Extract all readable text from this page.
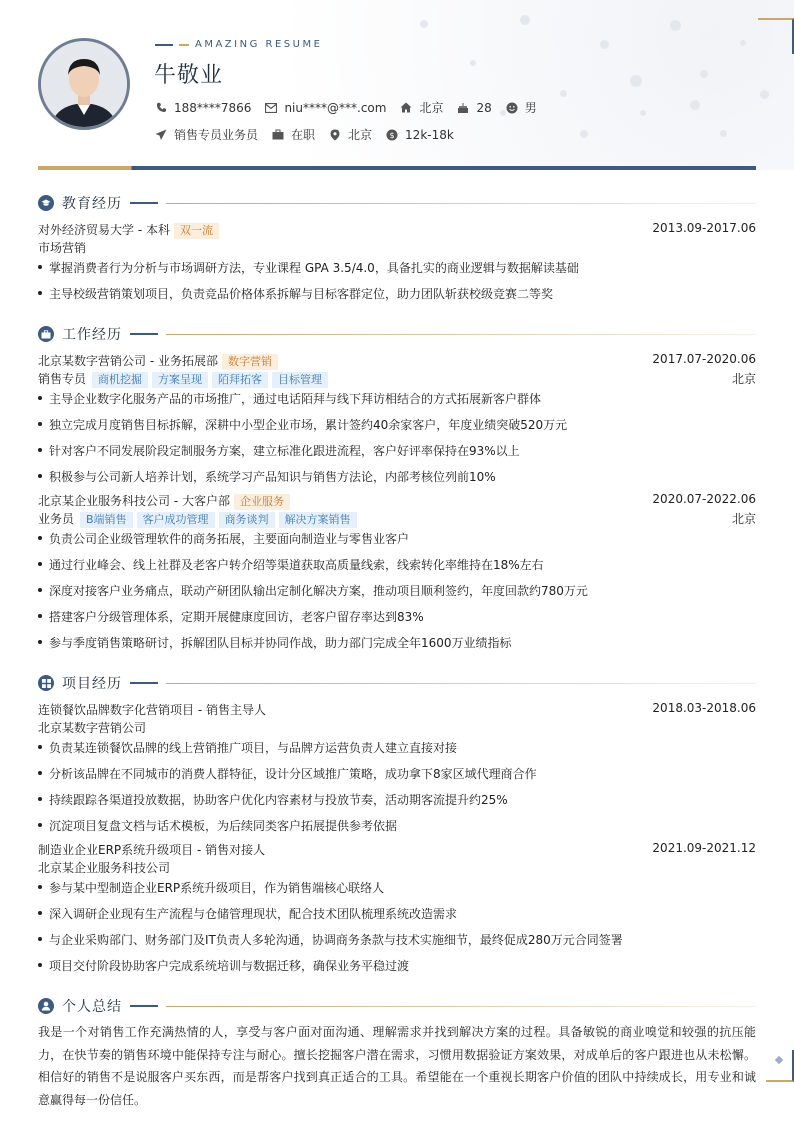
AMAZING RESUME
牛敬业
188****7866	niu****@***.com	北京	28	男
销售专员业务员	在职	北京 $ 12k-18k
教育经历
对外经济贸易大学 - 本科 双一流	2013.09-2017.06
市场营销
掌握消费者行为分析与市场调研方法，专业课程 GPA 3.5/4.0，具备扎实的商业逻辑与数据解读基础
主导校级营销策划项目，负责竞品价格体系拆解与目标客群定位，助力团队斩获校级竞赛二等奖
工作经历
北京某数字营销公司 - 业务拓展部 数字营销	2017.07-2020.06
销售专员 商机挖掘 方案呈现 陌拜拓客 目标管理	北京
主导企业数字化服务产品的市场推广，通过电话陌拜与线下拜访相结合的方式拓展新客户群体
独立完成月度销售目标拆解，深耕中小型企业市场，累计签约40余家客户，年度业绩突破520万元
针对客户不同发展阶段定制服务方案，建立标准化跟进流程，客户好评率保持在93%以上
积极参与公司新人培养计划，系统学习产品知识与销售方法论，内部考核位列前10%
北京某企业服务科技公司 - 大客户部 企业服务	2020.07-2022.06
业务员 B端销售 客户成功管理 商务谈判 解决方案销售	北京
负责公司企业级管理软件的商务拓展，主要面向制造业与零售业客户
通过行业峰会、线上社群及老客户转介绍等渠道获取高质量线索，线索转化率维持在18%左右
深度对接客户业务痛点，联动产研团队输出定制化解决方案，推动项目顺利签约，年度回款约780万元
搭建客户分级管理体系，定期开展健康度回访，老客户留存率达到83%
参与季度销售策略研讨，拆解团队目标并协同作战，助力部门完成全年1600万业绩指标
项目经历
连锁餐饮品牌数字化营销项目 - 销售主导人	2018.03-2018.06
北京某数字营销公司
负责某连锁餐饮品牌的线上营销推广项目，与品牌方运营负责人建立直接对接
分析该品牌在不同城市的消费人群特征，设计分区域推广策略，成功拿下8家区域代理商合作
持续跟踪各渠道投放数据，协助客户优化内容素材与投放节奏，活动期客流提升约25%
沉淀项目复盘文档与话术模板，为后续同类客户拓展提供参考依据
制造业企业ERP系统升级项目 - 销售对接人	2021.09-2021.12
北京某企业服务科技公司
参与某中型制造企业ERP系统升级项目，作为销售端核心联络人
深入调研企业现有生产流程与仓储管理现状，配合技术团队梳理系统改造需求
与企业采购部门、财务部门及IT负责人多轮沟通，协调商务条款与技术实施细节，最终促成280万元合同签署
项目交付阶段协助客户完成系统培训与数据迁移，确保业务平稳过渡
个人总结
我是一个对销售工作充满热情的人，享受与客户面对面沟通、理解需求并找到解决方案的过程。具备敏锐的商业嗅觉和较强的抗压能力，在快节奏的销售环境中能保持专注与耐心。擅长挖掘客户潜在需求，习惯用数据验证方案效果，对成单后的客户跟进也从未松懈。相信好的销售不是说服客户买东西，而是帮客户找到真正适合的工具。希望能在一个重视长期客户价值的团队中持续成长，用专业和诚意赢得每一份信任。
